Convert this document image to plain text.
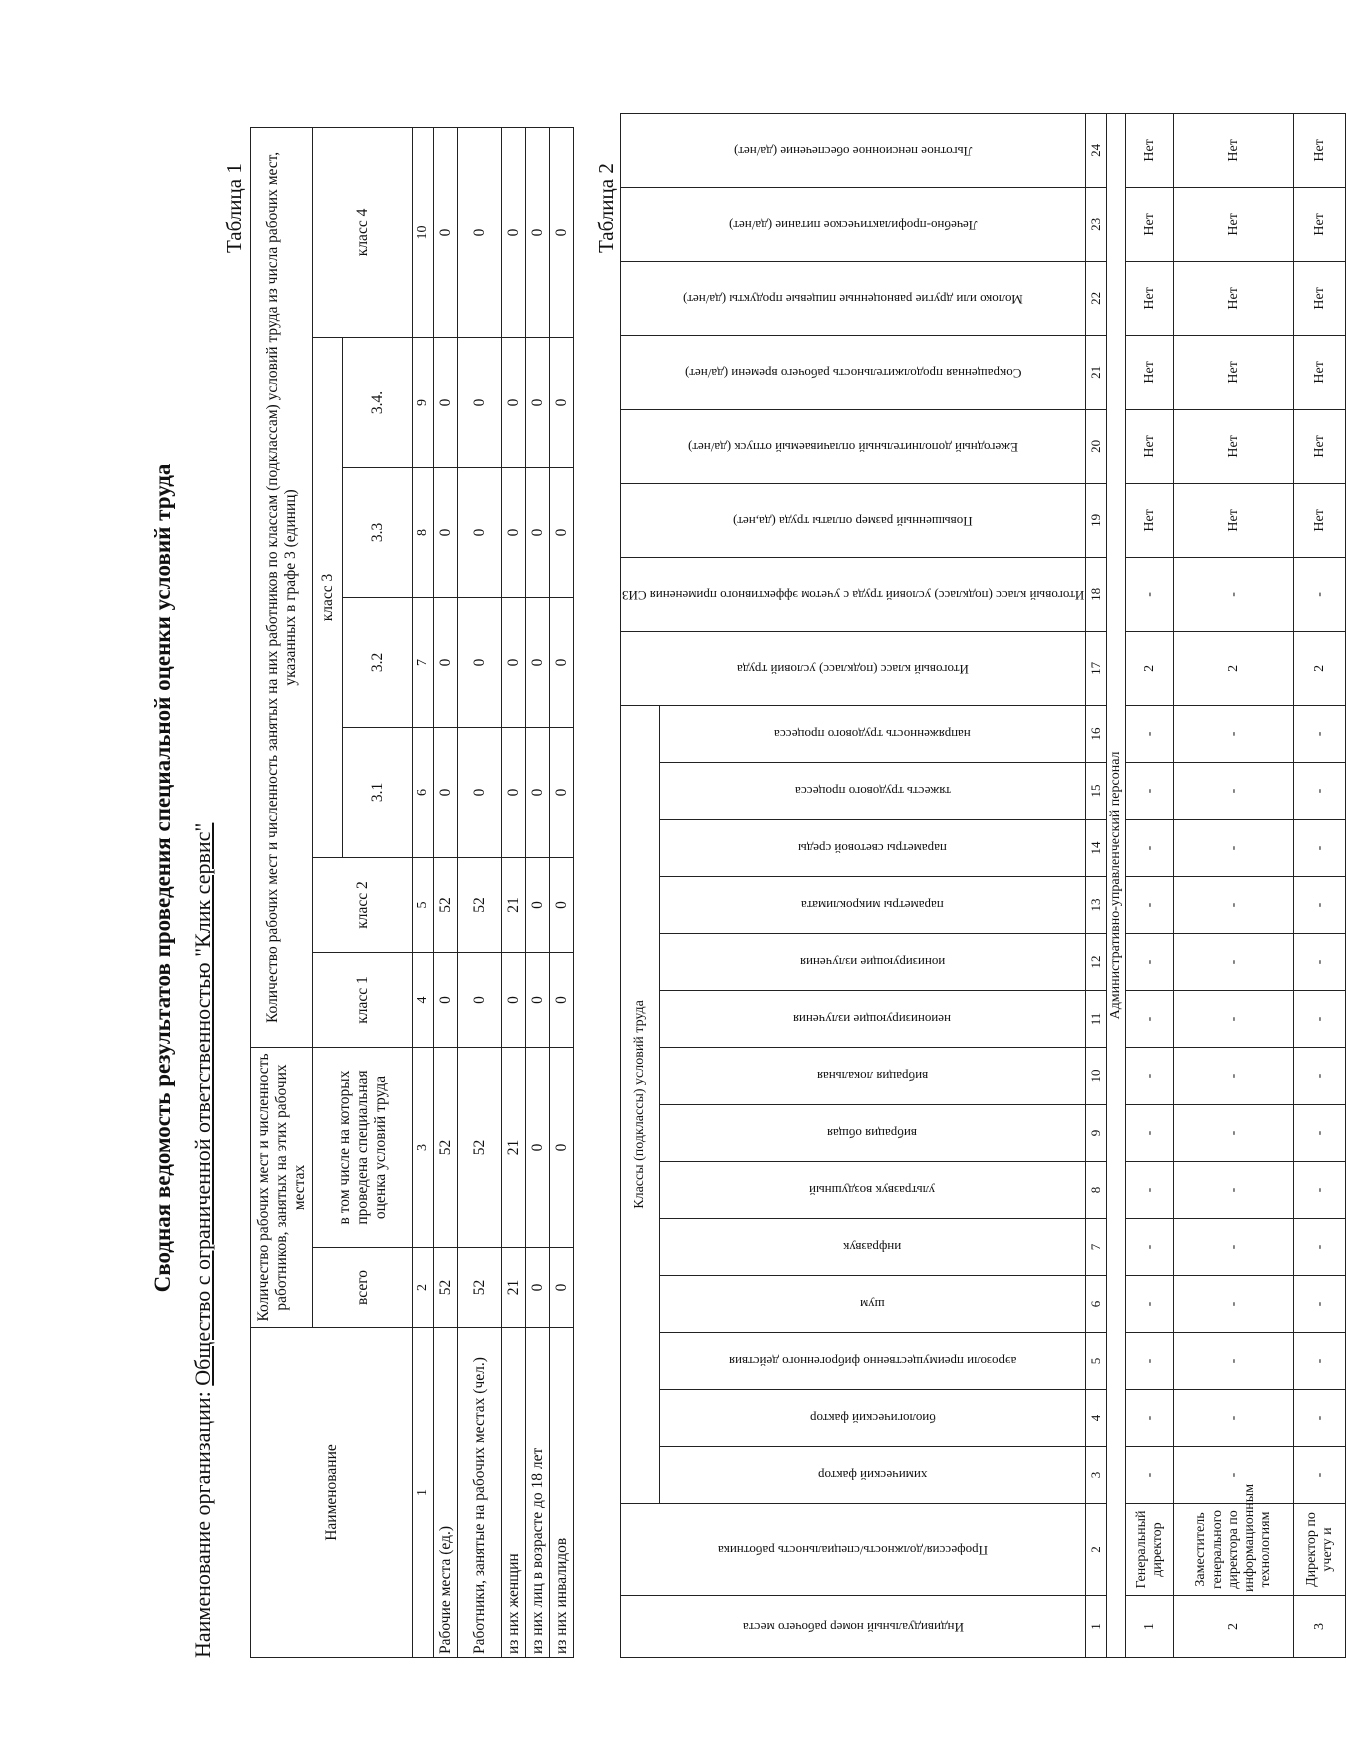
Сводная ведомость результатов проведения специальной оценки условий труда
Наименование организации: Общество с ограниченной ответственностью "Клик сервис"
Таблица 1
Наименование	Количество рабочих мест и численность работников, занятых на этих рабочих местах		Количество рабочих мест и численность занятых на них работников по классам (подклассам) условий труда из числа рабочих мест, указанных в графе 3 (единиц)						
	всего	в том числе на которых проведена специальная оценка условий труда	класс 1	класс 2	класс 3				класс 4
					3.1	3.2	3.3	3.4.	
1	2	3	4	5	6	7	8	9	10
Рабочие места (ед.)	52	52	0	52	0	0	0	0	0
Работники, занятые на рабочих местах (чел.)	52	52	0	52	0	0	0	0	0
из них женщин	21	21	0	21	0	0	0	0	0
из них лиц в возрасте до 18 лет	0	0	0	0	0	0	0	0	0
из них инвалидов	0	0	0	0	0	0	0	0	0 Таблица 2
Индивидуальный номер рабочего места	Профессия/должность/специальность работника	Классы (подклассы) условий труда														Итоговый класс (подкласс) условий труда	Итоговый класс (подкласс) условий труда с учетом эффективного применения СИЗ	Повышенный размер оплаты труда (да,нет)	Ежегодный дополнительный оплачиваемый отпуск (да/нет)	Сокращенная продолжительность рабочего времени (да/нет)	Молоко или другие равноценные пищевые продукты (да/нет)	Лечебно-профилактическое питание (да/нет)	Льготное пенсионное обеспечение (да/нет)

		химический фактор	биологический фактор	аэрозоли преимущественно фиброгенного действия	шум	инфразвук	ультразвук воздушный	вибрация общая	вибрация локальная	неионизирующие излучения	ионизирующие излучения	параметры микроклимата	параметры световой среды	тяжесть трудового процесса	напряженность трудового процесса								

1	2	3	4	5	6	7	8	9	10	11	12	13	14	15	16	17	18	19	20	21	22	23	24
Административно-управленческий персонал																							
1	Генеральный директор	-	-	-	-	-	-	-	-	-	-	-	-	-	-	2	-	Нет	Нет	Нет	Нет	Нет	Нет
2	Заместитель генерального директора по информационным технологиям	-	-	-	-	-	-	-	-	-	-	-	-	-	-	2	-	Нет	Нет	Нет	Нет	Нет	Нет
3	Директор по учету и	-	-	-	-	-	-	-	-	-	-	-	-	-	-	2	-	Нет	Нет	Нет	Нет	Нет	Нет
